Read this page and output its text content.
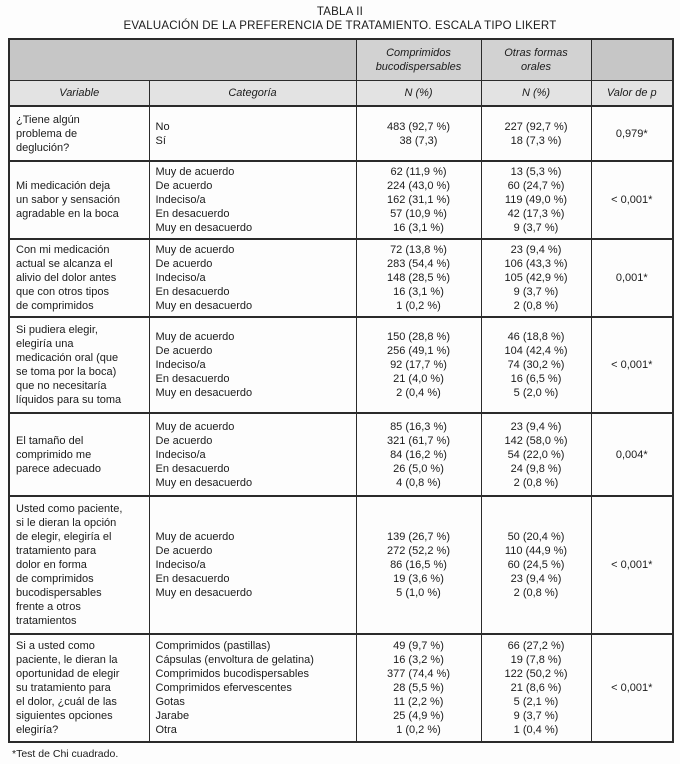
TABLA II
EVALUACIÓN DE LA PREFERENCIA DE TRATAMIENTO. ESCALA TIPO LIKERT
		Comprimidos
bucodispersables	Otras formas
orales	
Variable	Categoría	N (%)	N (%)	Valor de p
¿Tiene algún
problema de
deglución?	No
Sí	483 (92,7 %)
38 (7,3)	227 (92,7 %)
18 (7,3 %)	0,979*
Mi medicación deja
un sabor y sensación
agradable en la boca	Muy de acuerdo
De acuerdo
Indeciso/a
En desacuerdo
Muy en desacuerdo	62 (11,9 %)
224 (43,0 %)
162 (31,1 %)
57 (10,9 %)
16 (3,1 %)	13 (5,3 %)
60 (24,7 %)
119 (49,0 %)
42 (17,3 %)
9 (3,7 %)	< 0,001*
Con mi medicación
actual se alcanza el
alivio del dolor antes
que con otros tipos
de comprimidos	Muy de acuerdo
De acuerdo
Indeciso/a
En desacuerdo
Muy en desacuerdo	72 (13,8 %)
283 (54,4 %)
148 (28,5 %)
16 (3,1 %)
1 (0,2 %)	23 (9,4 %)
106 (43,3 %)
105 (42,9 %)
9 (3,7 %)
2 (0,8 %)	0,001*
Si pudiera elegir,
elegiría una
medicación oral (que
se toma por la boca)
que no necesitaría
líquidos para su toma	Muy de acuerdo
De acuerdo
Indeciso/a
En desacuerdo
Muy en desacuerdo	150 (28,8 %)
256 (49,1 %)
92 (17,7 %)
21 (4,0 %)
2 (0,4 %)	46 (18,8 %)
104 (42,4 %)
74 (30,2 %)
16 (6,5 %)
5 (2,0 %)	< 0,001*
El tamaño del
comprimido me
parece adecuado	Muy de acuerdo
De acuerdo
Indeciso/a
En desacuerdo
Muy en desacuerdo	85 (16,3 %)
321 (61,7 %)
84 (16,2 %)
26 (5,0 %)
4 (0,8 %)	23 (9,4 %)
142 (58,0 %)
54 (22,0 %)
24 (9,8 %)
2 (0,8 %)	0,004*
Usted como paciente,
si le dieran la opción
de elegir, elegiría el
tratamiento para
dolor en forma
de comprimidos
bucodispersables
frente a otros
tratamientos	Muy de acuerdo
De acuerdo
Indeciso/a
En desacuerdo
Muy en desacuerdo	139 (26,7 %)
272 (52,2 %)
86 (16,5 %)
19 (3,6 %)
5 (1,0 %)	50 (20,4 %)
110 (44,9 %)
60 (24,5 %)
23 (9,4 %)
2 (0,8 %)	< 0,001*
Si a usted como
paciente, le dieran la
oportunidad de elegir
su tratamiento para
el dolor, ¿cuál de las
siguientes opciones
elegiría?	Comprimidos (pastillas)
Cápsulas (envoltura de gelatina)
Comprimidos bucodispersables
Comprimidos efervescentes
Gotas
Jarabe
Otra	49 (9,7 %)
16 (3,2 %)
377 (74,4 %)
28 (5,5 %)
11 (2,2 %)
25 (4,9 %)
1 (0,2 %)	66 (27,2 %)
19 (7,8 %)
122 (50,2 %)
21 (8,6 %)
5 (2,1 %)
9 (3,7 %)
1 (0,4 %)	< 0,001*
*Test de Chi cuadrado.
